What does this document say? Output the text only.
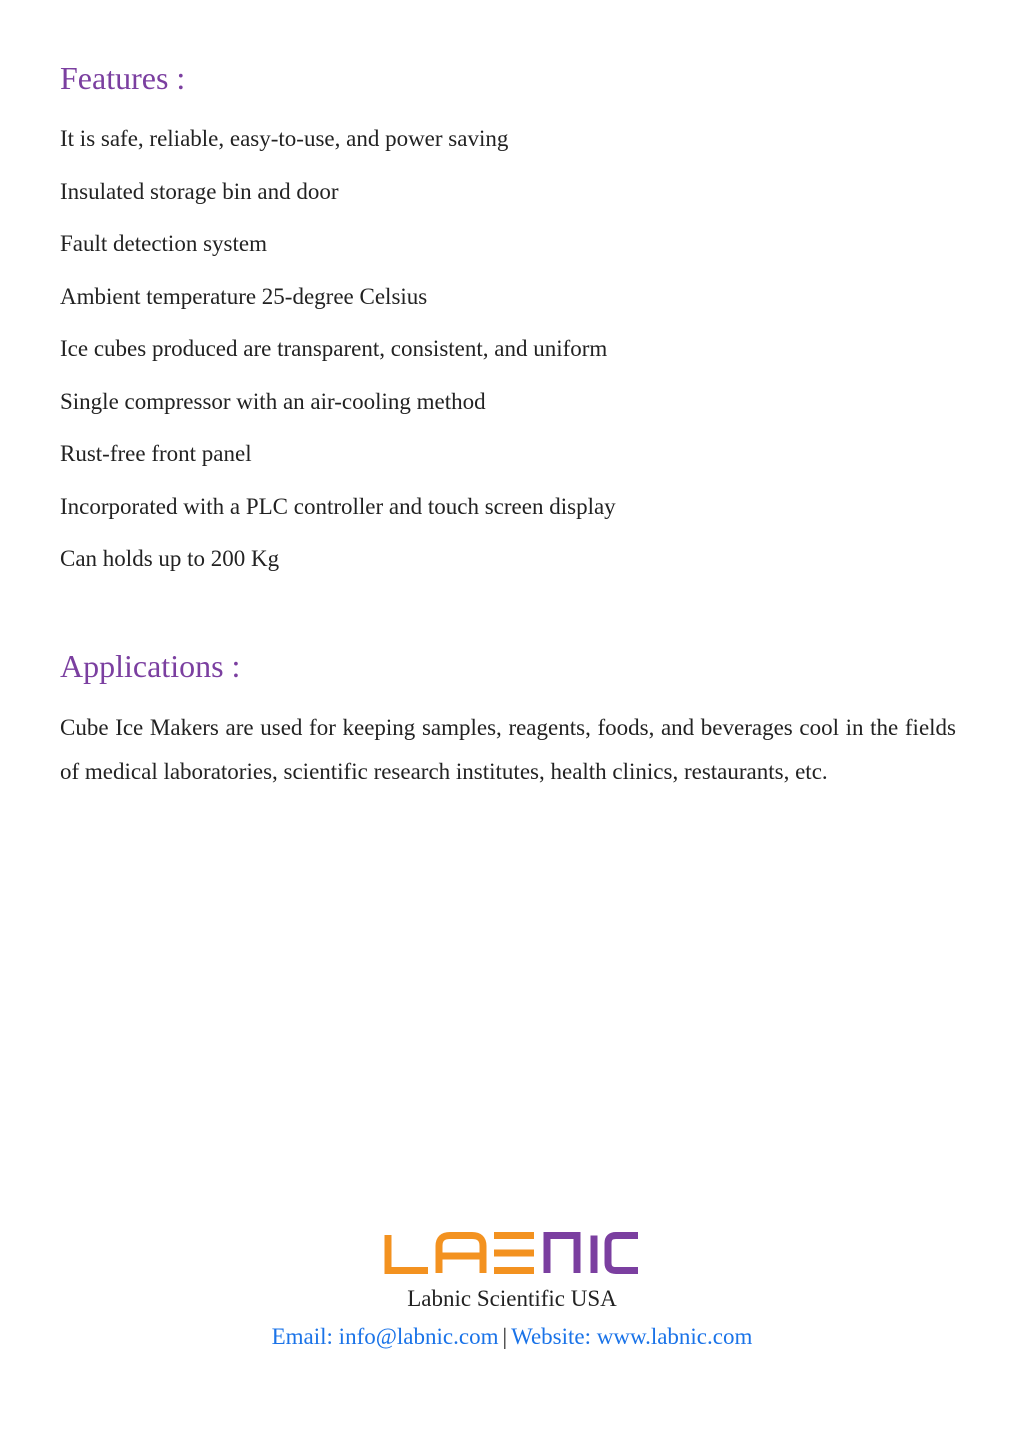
Features :
It is safe, reliable, easy-to-use, and power saving
Insulated storage bin and door
Fault detection system
Ambient temperature 25-degree Celsius
Ice cubes produced are transparent, consistent, and uniform
Single compressor with an air-cooling method
Rust-free front panel
Incorporated with a PLC controller and touch screen display
Can holds up to 200 Kg
Applications :

Cube Ice Makers are used for keeping samples, reagents, foods, and beverages cool in the fields of medical laboratories, scientific research institutes, health clinics, restaurants, etc.

Labnic Scientific USA
Email: info@labnic.com | Website: www.labnic.com
